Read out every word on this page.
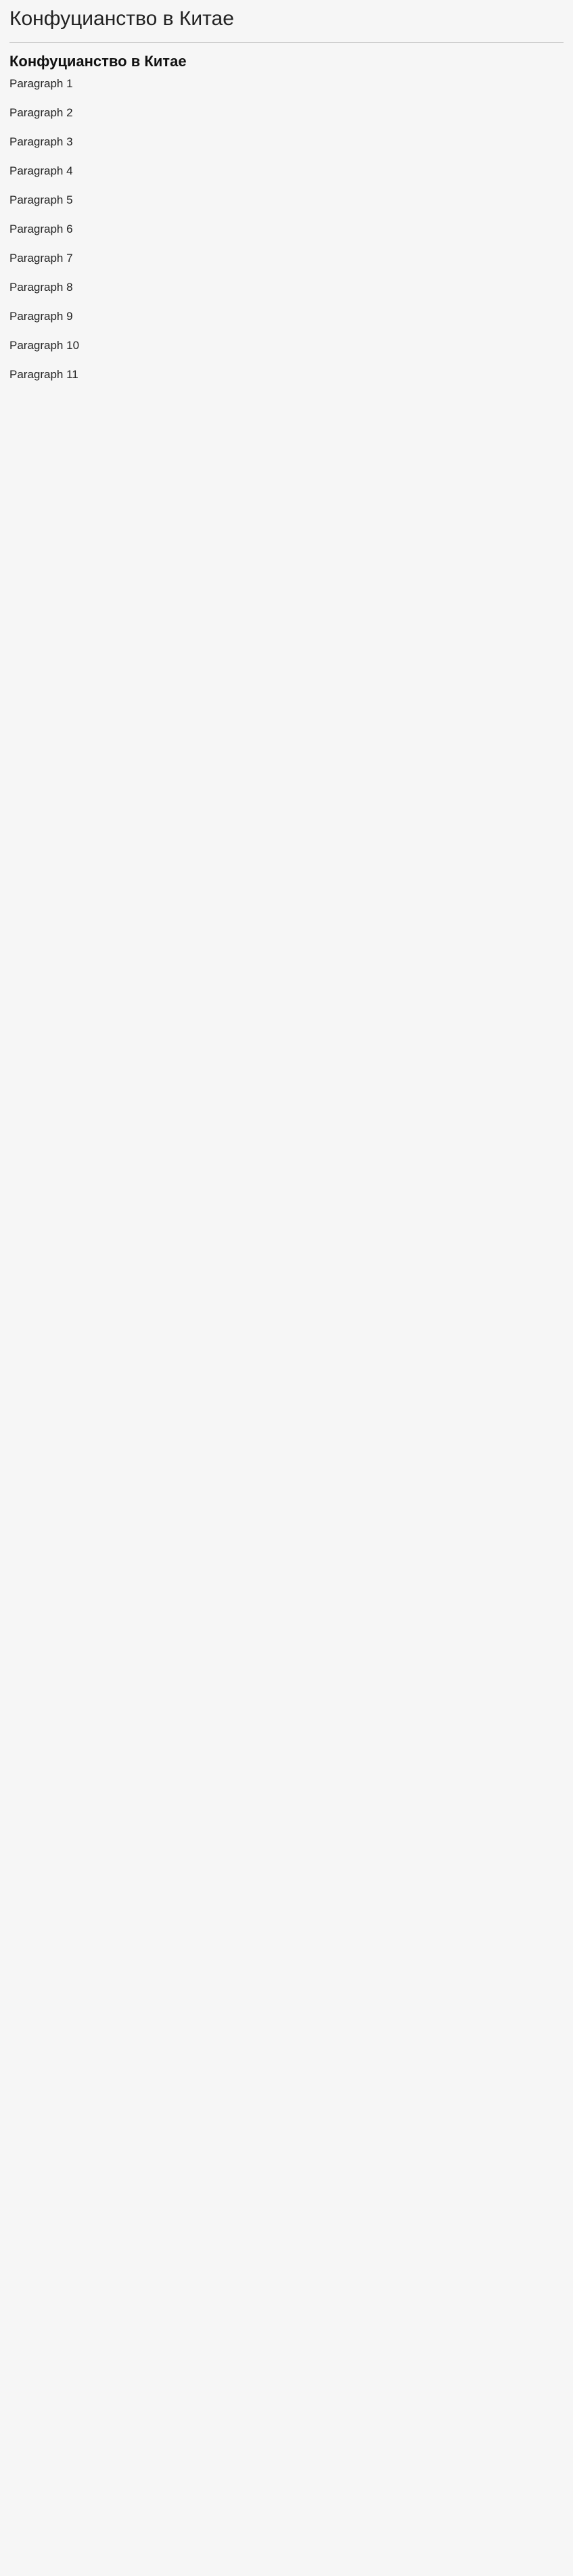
Конфуцианство в Китае
Конфуцианство в Китае

Paragraph 1

Paragraph 2

Paragraph 3

Paragraph 4

Paragraph 5

Paragraph 6

Paragraph 7

Paragraph 8

Paragraph 9

Paragraph 10

Paragraph 11
